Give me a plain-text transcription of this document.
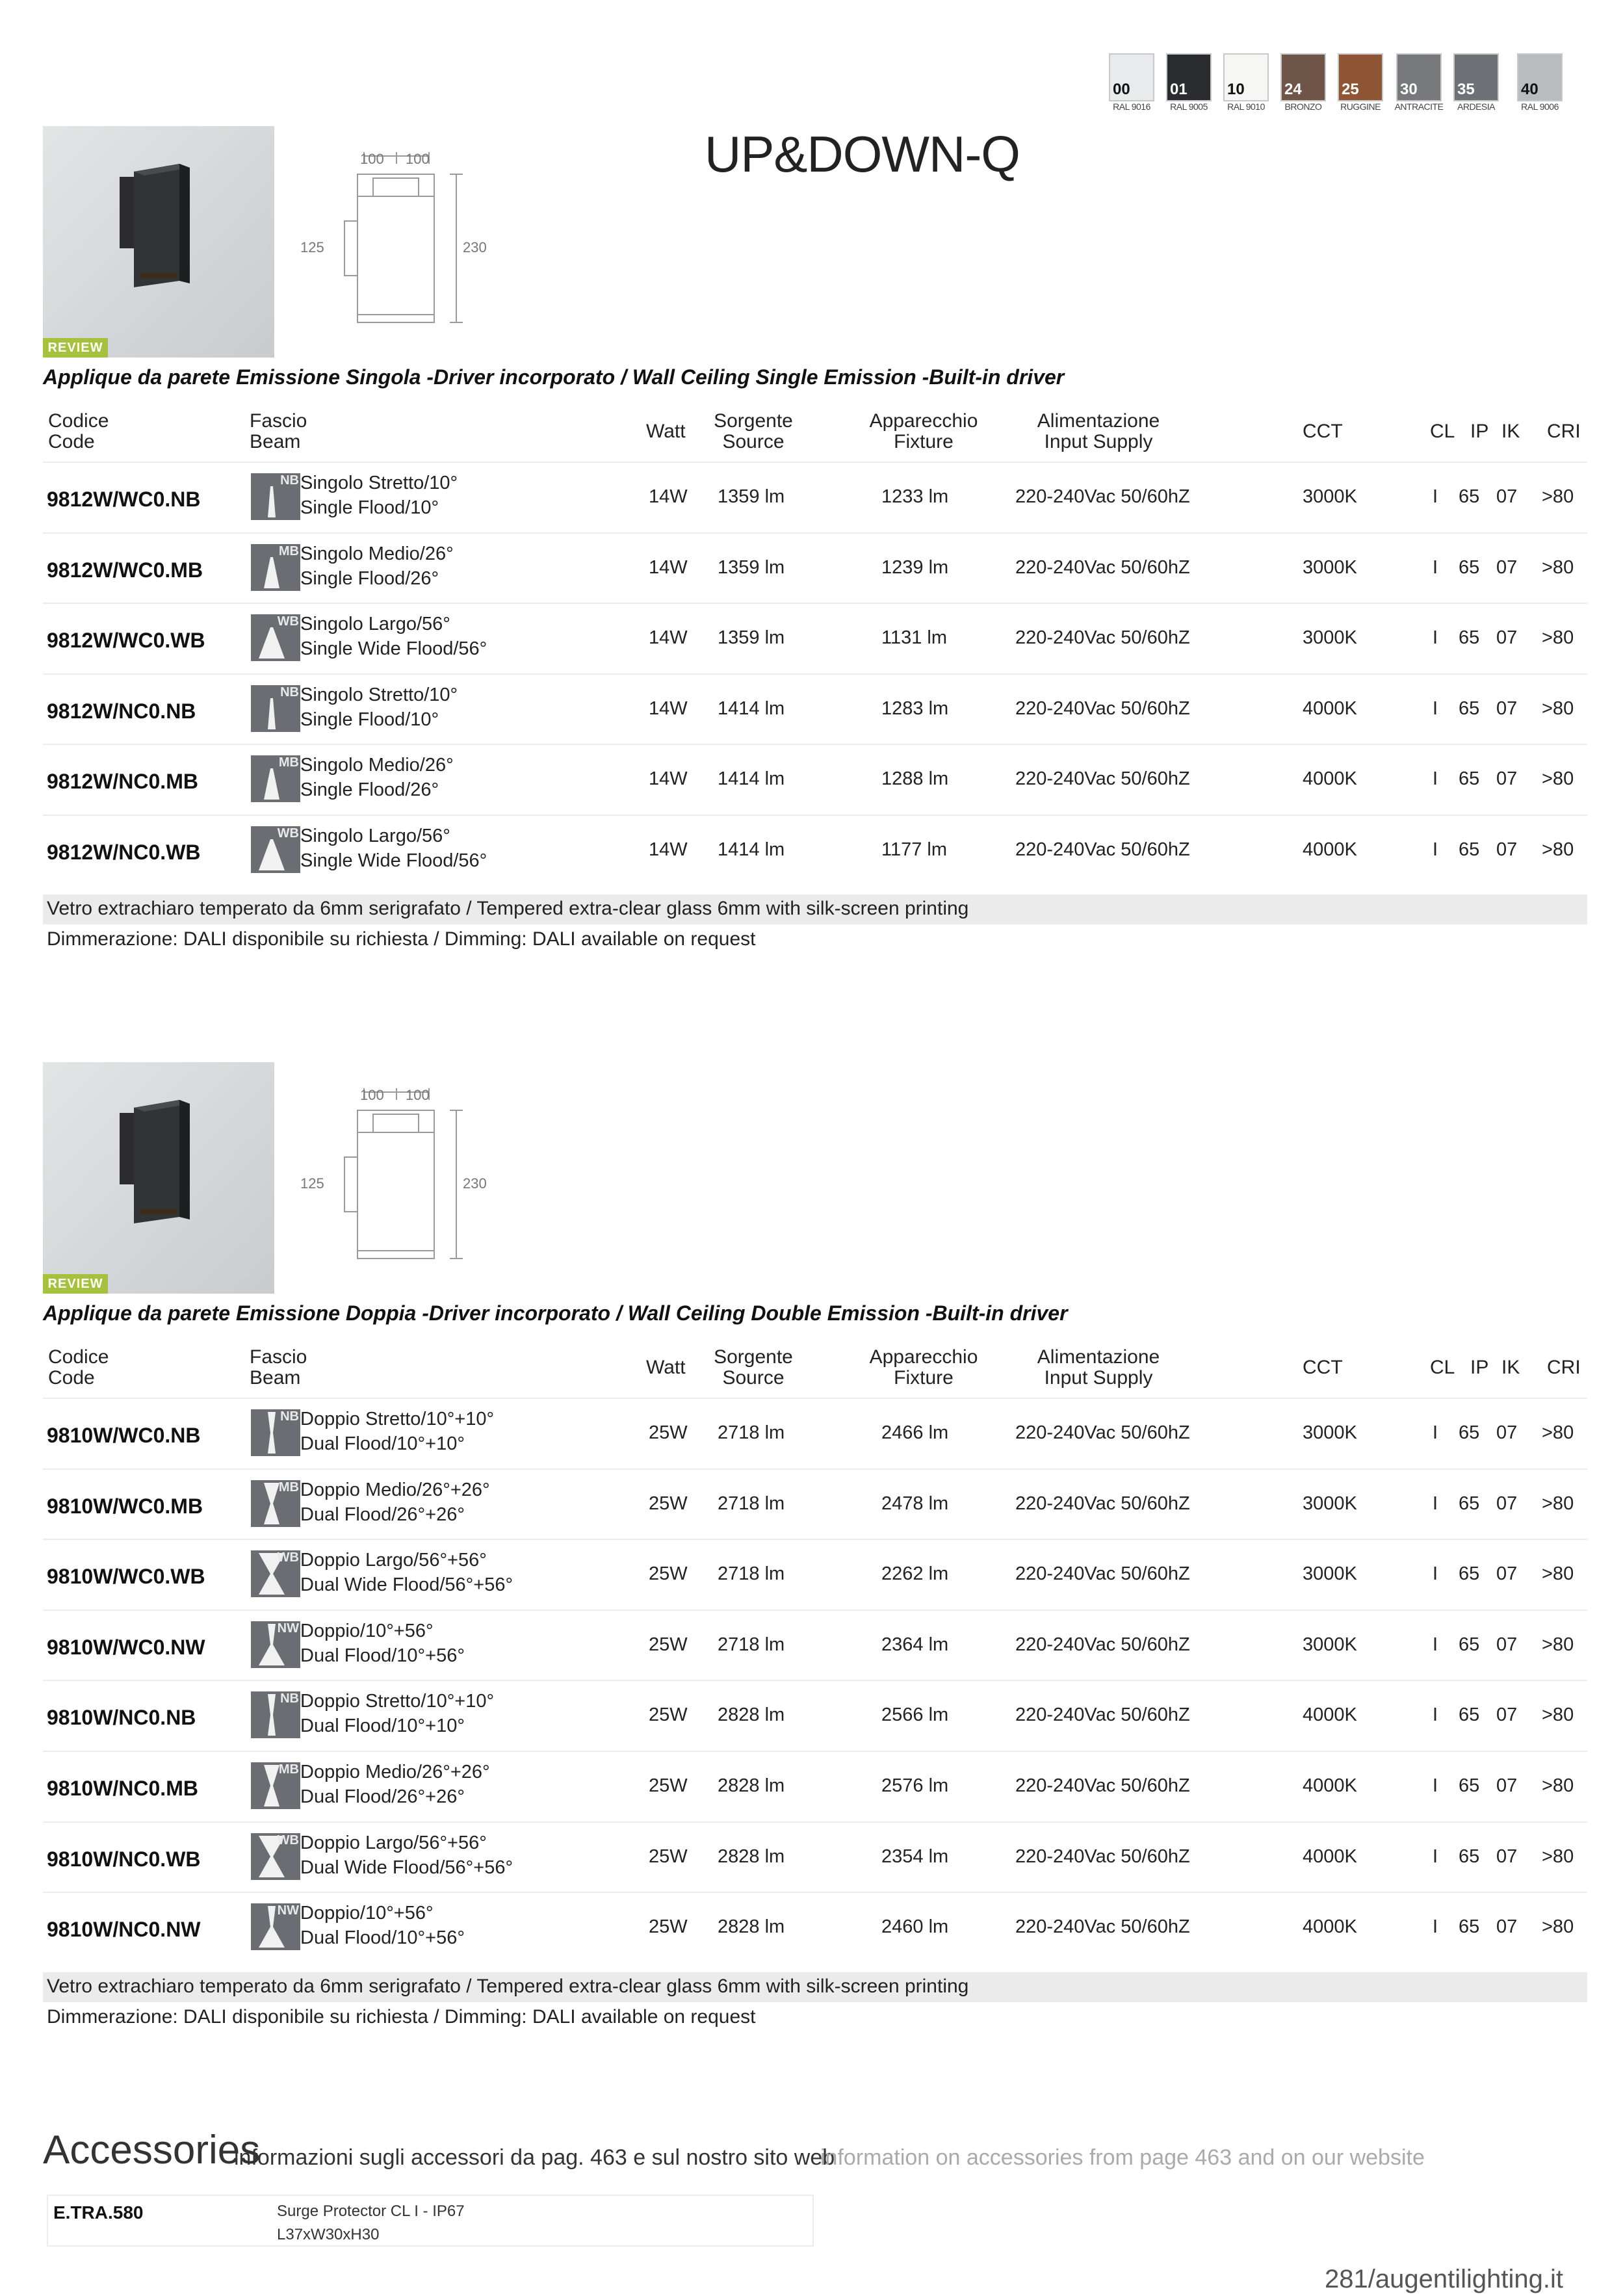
00
RAL 9016
01
RAL 9005
10
RAL 9010
24
BRONZO
25
RUGGINE
30
ANTRACITE
35
ARDESIA
40
RAL 9006
UP&DOWN-Q
REVIEW
100 100
125	230
Applique da parete Emissione Singola -Driver incorporato / Wall Ceiling Single Emission -Built-in driver
Codice
Code
Fascio
Beam	Watt Sorgente
Source
Apparecchio
Fixture
Alimentazione
Input Supply	CCT	CL IP IK CRI
9812W/WC0.NB
NB Singolo Stretto/10°
Single Flood/10°
14W 1359 lm	1233 lm	220-240Vac 50/60hZ	3000K	I 65 07 >80
9812W/WC0.MB
MB Singolo Medio/26°
Single Flood/26°
14W 1359 lm	1239 lm	220-240Vac 50/60hZ	3000K	I 65 07 >80
9812W/WC0.WB
WB Singolo Largo/56°
Single Wide Flood/56°
14W 1359 lm	1131 lm	220-240Vac 50/60hZ	3000K	I 65 07 >80
9812W/NC0.NB
NB Singolo Stretto/10°
Single Flood/10°
14W 1414 lm	1283 lm	220-240Vac 50/60hZ	4000K	I 65 07 >80
9812W/NC0.MB
MB Singolo Medio/26°
Single Flood/26°
14W 1414 lm	1288 lm	220-240Vac 50/60hZ	4000K	I 65 07 >80
9812W/NC0.WB
WB Singolo Largo/56°
Single Wide Flood/56°
14W 1414 lm	1177 lm	220-240Vac 50/60hZ	4000K	I 65 07 >80
Vetro extrachiaro temperato da 6mm serigrafato / Tempered extra-clear glass 6mm with silk-screen printing
Dimmerazione: DALI disponibile su richiesta / Dimming: DALI available on request
REVIEW
100 100
125	230
Applique da parete Emissione Doppia -Driver incorporato / Wall Ceiling Double Emission -Built-in driver
Codice
Code
Fascio
Beam	Watt Sorgente
Source
Apparecchio
Fixture
Alimentazione
Input Supply	CCT	CL IP IK CRI
9810W/WC0.NB
NB Doppio Stretto/10°+10°
Dual Flood/10°+10°
25W 2718 lm	2466 lm	220-240Vac 50/60hZ	3000K	I 65 07 >80
9810W/WC0.MB
MB Doppio Medio/26°+26°
Dual Flood/26°+26°
25W 2718 lm	2478 lm	220-240Vac 50/60hZ	3000K	I 65 07 >80
9810W/WC0.WB
WB Doppio Largo/56°+56°
Dual Wide Flood/56°+56°
25W 2718 lm	2262 lm	220-240Vac 50/60hZ	3000K	I 65 07 >80
9810W/WC0.NW
NW Doppio/10°+56°
Dual Flood/10°+56°
25W 2718 lm	2364 lm	220-240Vac 50/60hZ	3000K	I 65 07 >80
9810W/NC0.NB
NB Doppio Stretto/10°+10°
Dual Flood/10°+10°
25W 2828 lm	2566 lm	220-240Vac 50/60hZ	4000K	I 65 07 >80
9810W/NC0.MB
MB Doppio Medio/26°+26°
Dual Flood/26°+26°
25W 2828 lm	2576 lm	220-240Vac 50/60hZ	4000K	I 65 07 >80
9810W/NC0.WB
WB Doppio Largo/56°+56°
Dual Wide Flood/56°+56°
25W 2828 lm	2354 lm	220-240Vac 50/60hZ	4000K	I 65 07 >80
9810W/NC0.NW
NW Doppio/10°+56°
Dual Flood/10°+56°
25W 2828 lm	2460 lm	220-240Vac 50/60hZ	4000K	I 65 07 >80
Vetro extrachiaro temperato da 6mm serigrafato / Tempered extra-clear glass 6mm with silk-screen printing
Dimmerazione: DALI disponibile su richiesta / Dimming: DALI available on request
Accessories
informazioni sugli accessori da pag. 463 e sul nostro sito web
information on accessories from page 463 and on our website
E.TRA.580	Surge Protector CL I - IP67
L37xW30xH30
281/augentilighting.it
